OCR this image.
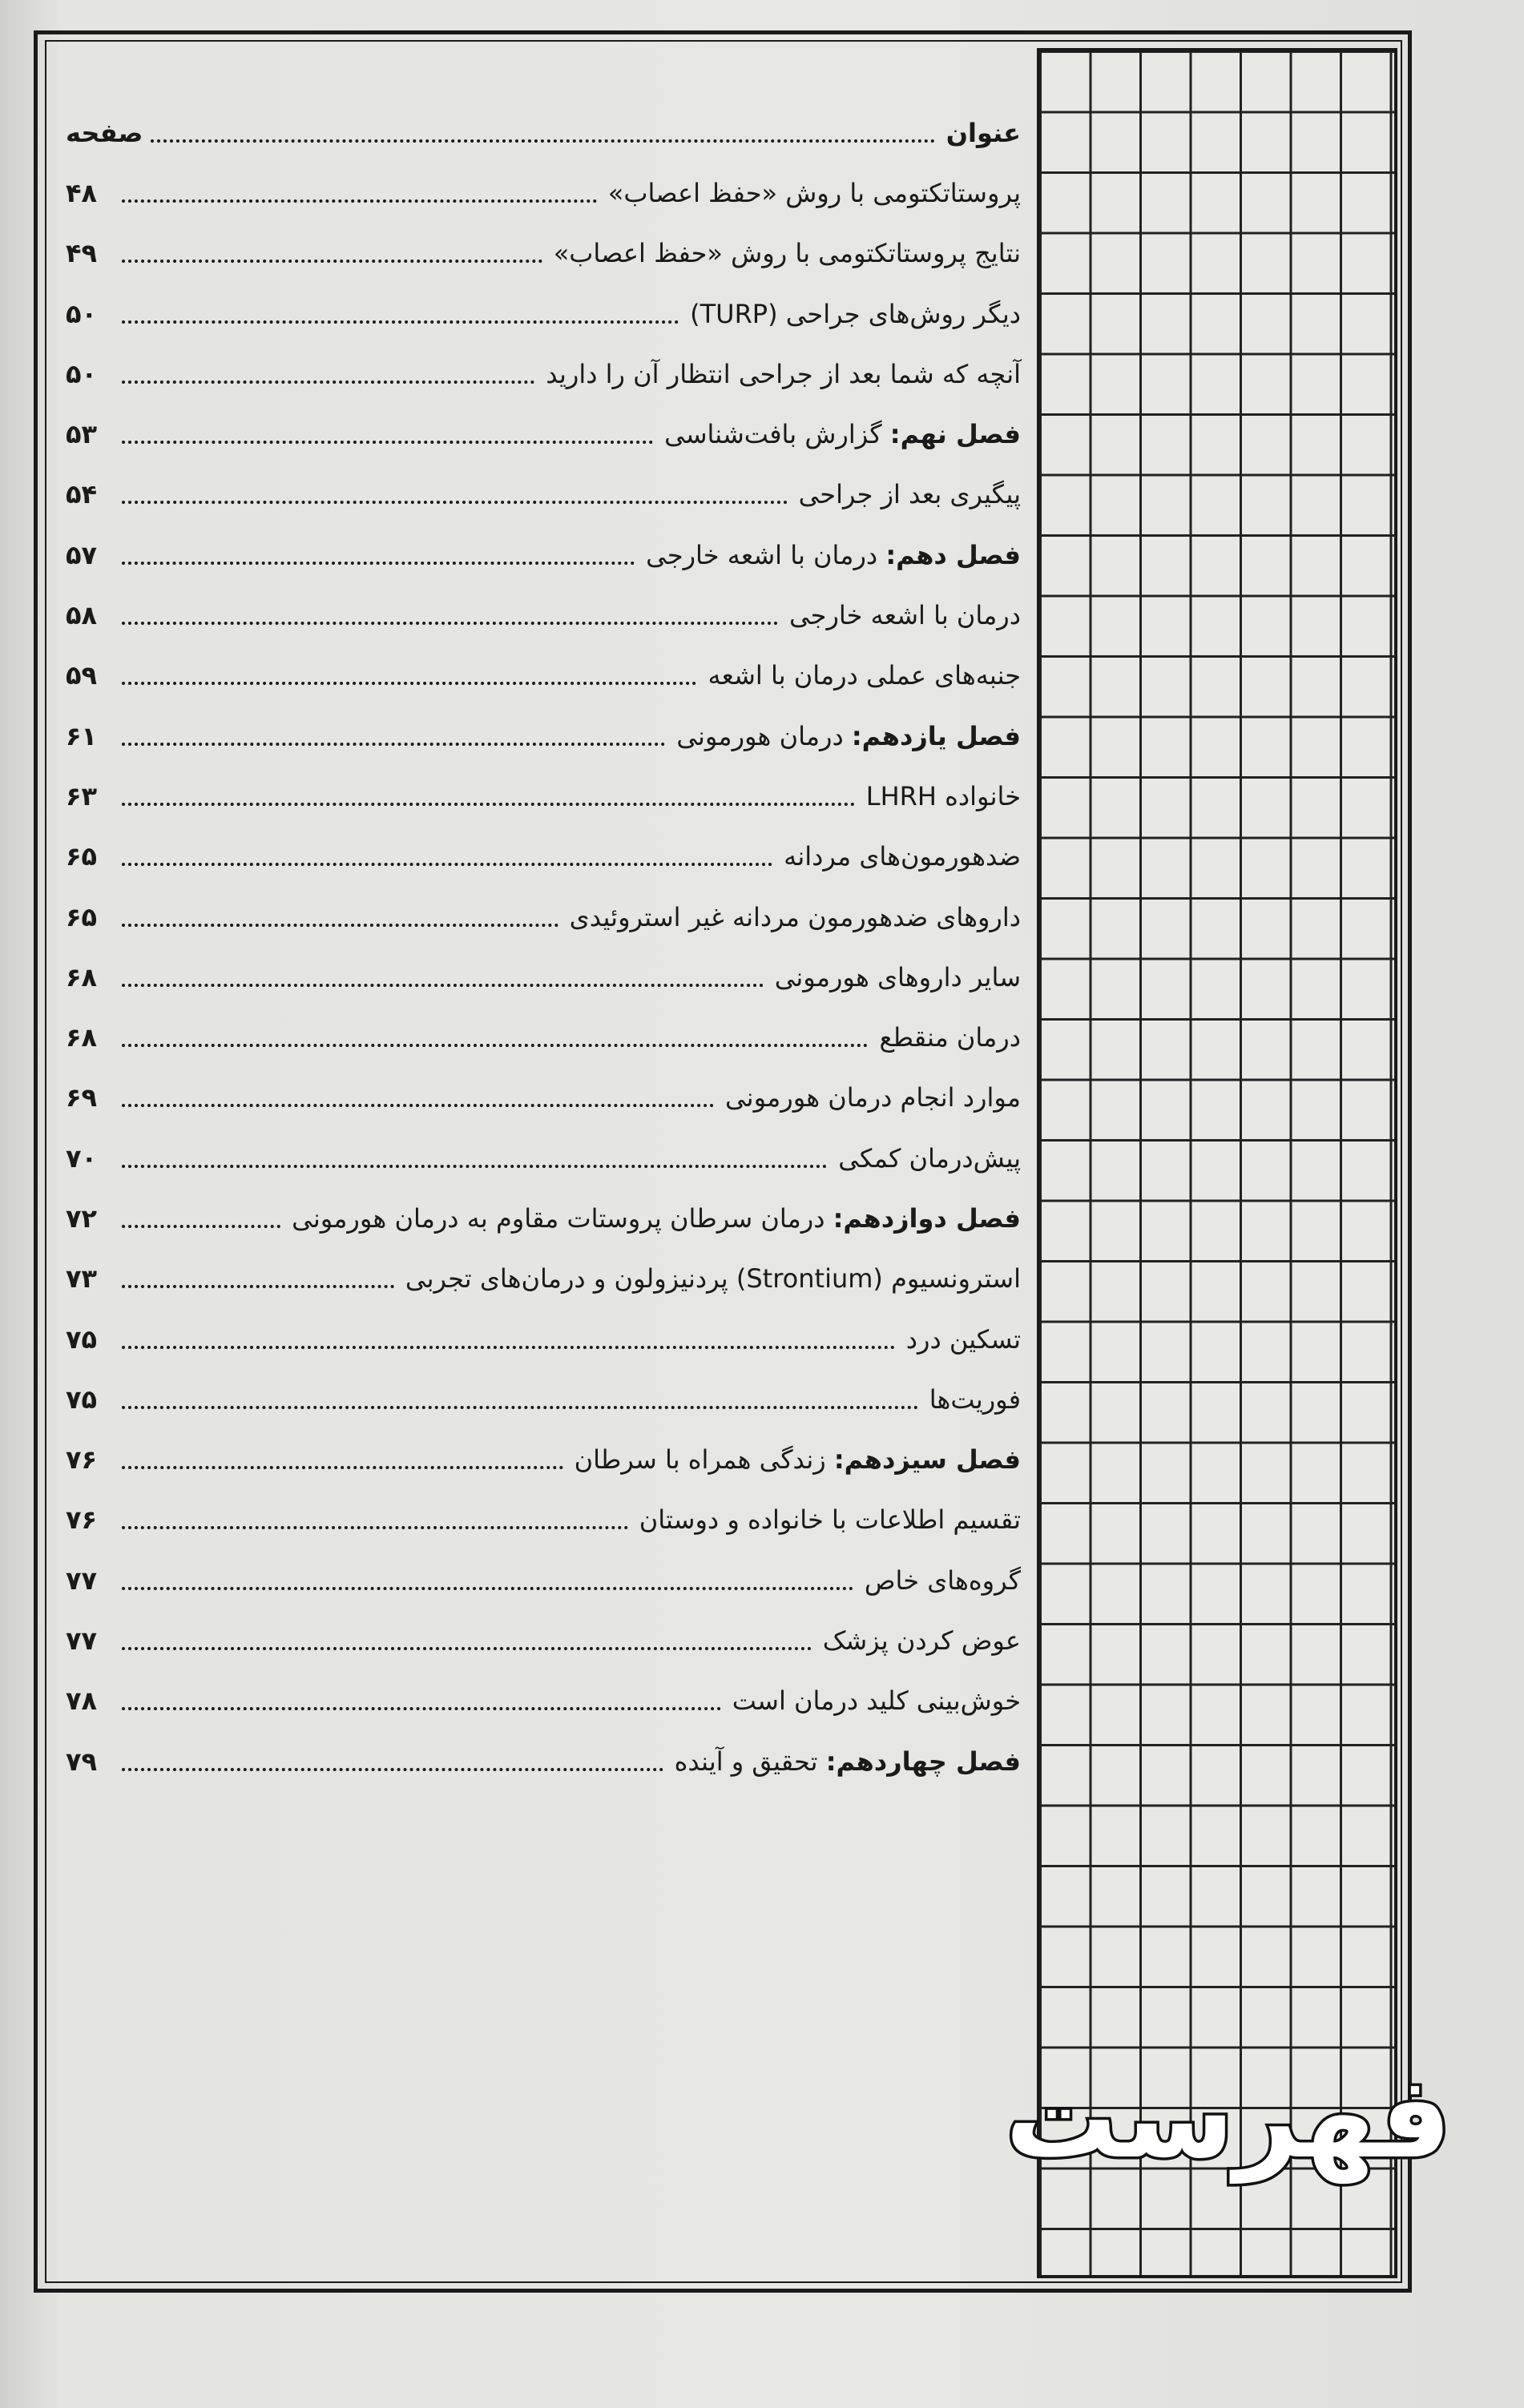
فهرست
عنوان
صفحه
پروستاتکتومی با روش «حفظ اعصاب»
۴۸
نتایج پروستاتکتومی با روش «حفظ اعصاب»
۴۹
دیگر روش‌های جراحی (TURP)
۵۰
آنچه که شما بعد از جراحی انتظار آن را دارید
۵۰
فصل نهم: گزارش بافت‌شناسی
۵۳
پیگیری بعد از جراحی
۵۴
فصل دهم: درمان با اشعه خارجی
۵۷
درمان با اشعه خارجی
۵۸
جنبه‌های عملی درمان با اشعه
۵۹
فصل یازدهم: درمان هورمونی
۶۱
خانواده LHRH
۶۳
ضدهورمون‌های مردانه
۶۵
داروهای ضدهورمون مردانه غیر استروئیدی
۶۵
سایر داروهای هورمونی
۶۸
درمان منقطع
۶۸
موارد انجام درمان هورمونی
۶۹
پیش‌درمان کمکی
۷۰
فصل دوازدهم: درمان سرطان پروستات مقاوم به درمان هورمونی
۷۲
استرونسیوم (Strontium) پردنیزولون و درمان‌های تجربی
۷۳
تسکین درد
۷۵
فوریت‌ها
۷۵
فصل سیزدهم: زندگی همراه با سرطان
۷۶
تقسیم اطلاعات با خانواده و دوستان
۷۶
گروه‌های خاص
۷۷
عوض کردن پزشک
۷۷
خوش‌بینی کلید درمان است
۷۸
فصل چهاردهم: تحقیق و آینده
۷۹
